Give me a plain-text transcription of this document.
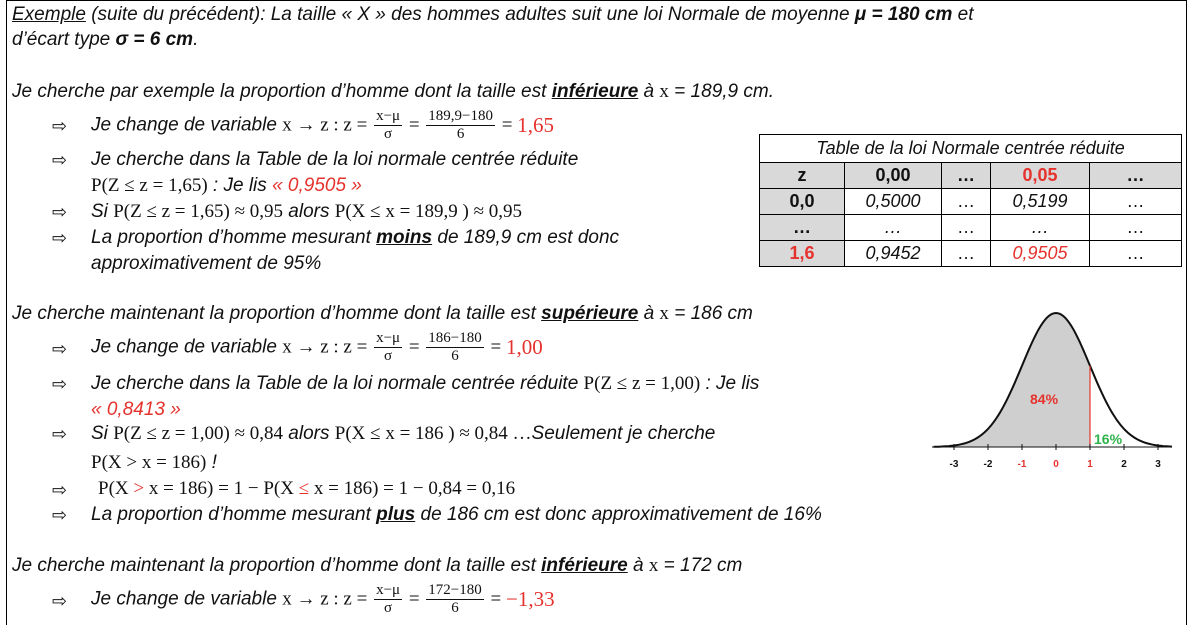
Exemple (suite du précédent): La taille « X » des hommes adultes suit une loi Normale de moyenne μ = 180 cm et
d’écart type σ = 6 cm.
Je cherche par exemple la proportion d’homme dont la taille est inférieure à x = 189,9 cm.
⇨ Je change de variable x → z : $z = \frac{x-\mu}{\sigma} = \frac{189,9-180}{6} = 1,65$
⇨ Je cherche dans la Table de la loi normale centrée réduite
P(Z ≤ z = 1,65) : Je lis « 0,9505 »
⇨ Si P(Z ≤ z = 1,65) ≈ 0,95 alors P(X ≤ x = 189,9 ) ≈ 0,95
⇨ La proportion d’homme mesurant moins de 189,9 cm est donc
approximativement de 95%
Table de la loi Normale centrée réduite				
z	0,00	…	0,05	…
0,0	0,5000	…	0,5199	…
…	…	…	…	…
1,6	0,9452	…	0,9505	…
Je cherche maintenant la proportion d’homme dont la taille est supérieure à x = 186 cm
⇨ Je change de variable x → z : $z = \frac{x-\mu}{\sigma} = \frac{186-180}{6} = 1,00$
⇨ Je cherche dans la Table de la loi normale centrée réduite P(Z ≤ z = 1,00) : Je lis
« 0,8413 »
⇨ Si P(Z ≤ z = 1,00) ≈ 0,84 alors P(X ≤ x = 186 ) ≈ 0,84 …Seulement je cherche
P(X > x = 186) !
⇨ P(X > x = 186) = 1 − P(X ≤ x = 186) = 1 − 0,84 = 0,16
⇨ La proportion d’homme mesurant plus de 186 cm est donc approximativement de 16%
-3	-2	-1	0	1	2	3
84%
16%
Je cherche maintenant la proportion d’homme dont la taille est inférieure à x = 172 cm
⇨ Je change de variable x → z : $z = \frac{x-\mu}{\sigma} = \frac{172-180}{6} = -1,33$
